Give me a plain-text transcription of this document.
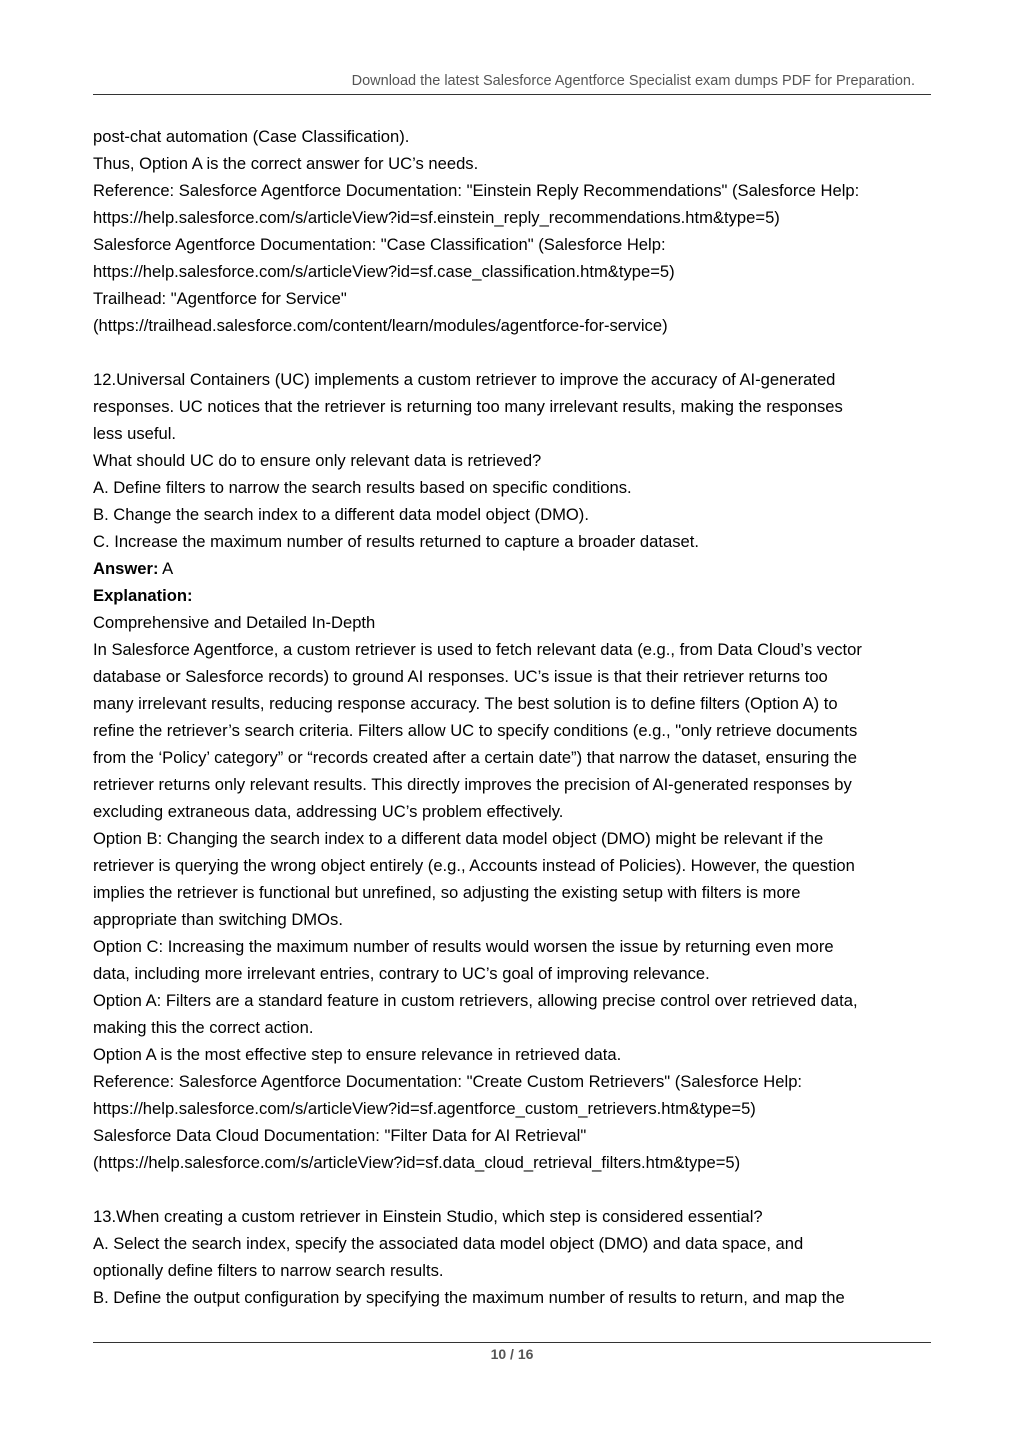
Download the latest Salesforce Agentforce Specialist exam dumps PDF for Preparation.
post-chat automation (Case Classification).
Thus, Option A is the correct answer for UC’s needs.
Reference: Salesforce Agentforce Documentation: "Einstein Reply Recommendations" (Salesforce Help:
https://help.salesforce.com/s/articleView?id=sf.einstein_reply_recommendations.htm&type=5)
Salesforce Agentforce Documentation: "Case Classification" (Salesforce Help:
https://help.salesforce.com/s/articleView?id=sf.case_classification.htm&type=5)
Trailhead: "Agentforce for Service"
(https://trailhead.salesforce.com/content/learn/modules/agentforce-for-service)
12.Universal Containers (UC) implements a custom retriever to improve the accuracy of AI-generated
responses. UC notices that the retriever is returning too many irrelevant results, making the responses
less useful.
What should UC do to ensure only relevant data is retrieved?
A. Define filters to narrow the search results based on specific conditions.
B. Change the search index to a different data model object (DMO).
C. Increase the maximum number of results returned to capture a broader dataset.
Answer: A
Explanation:
Comprehensive and Detailed In-Depth
In Salesforce Agentforce, a custom retriever is used to fetch relevant data (e.g., from Data Cloud’s vector
database or Salesforce records) to ground AI responses. UC’s issue is that their retriever returns too
many irrelevant results, reducing response accuracy. The best solution is to define filters (Option A) to
refine the retriever’s search criteria. Filters allow UC to specify conditions (e.g., "only retrieve documents
from the ‘Policy’ category” or “records created after a certain date”) that narrow the dataset, ensuring the
retriever returns only relevant results. This directly improves the precision of AI-generated responses by
excluding extraneous data, addressing UC’s problem effectively.
Option B: Changing the search index to a different data model object (DMO) might be relevant if the
retriever is querying the wrong object entirely (e.g., Accounts instead of Policies). However, the question
implies the retriever is functional but unrefined, so adjusting the existing setup with filters is more
appropriate than switching DMOs.
Option C: Increasing the maximum number of results would worsen the issue by returning even more
data, including more irrelevant entries, contrary to UC’s goal of improving relevance.
Option A: Filters are a standard feature in custom retrievers, allowing precise control over retrieved data,
making this the correct action.
Option A is the most effective step to ensure relevance in retrieved data.
Reference: Salesforce Agentforce Documentation: "Create Custom Retrievers" (Salesforce Help:
https://help.salesforce.com/s/articleView?id=sf.agentforce_custom_retrievers.htm&type=5)
Salesforce Data Cloud Documentation: "Filter Data for AI Retrieval"
(https://help.salesforce.com/s/articleView?id=sf.data_cloud_retrieval_filters.htm&type=5)
13.When creating a custom retriever in Einstein Studio, which step is considered essential?
A. Select the search index, specify the associated data model object (DMO) and data space, and
optionally define filters to narrow search results.
B. Define the output configuration by specifying the maximum number of results to return, and map the
10 / 16
